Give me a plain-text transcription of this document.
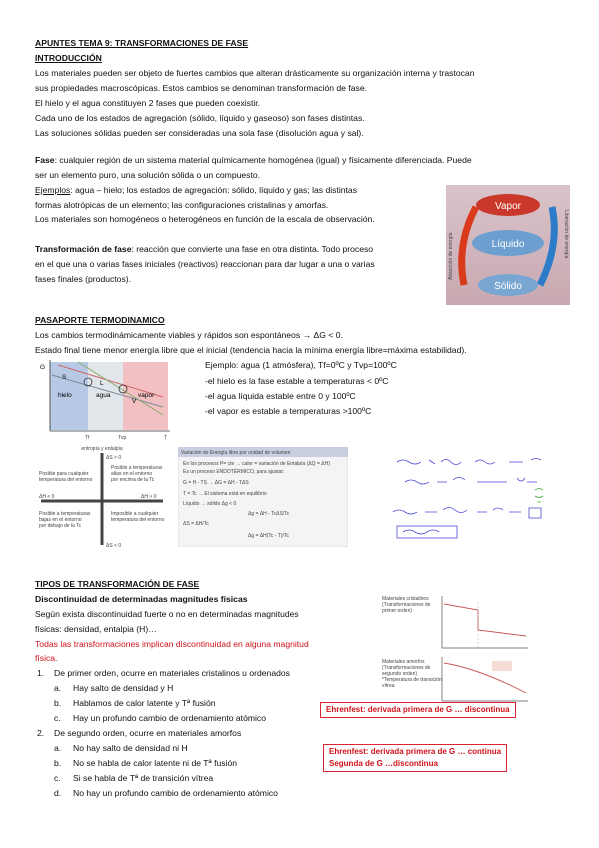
APUNTES TEMA 9: TRANSFORMACIONES DE FASE
INTRODUCCIÓN
Los materiales pueden ser objeto de fuertes cambios que alteran drásticamente su organización interna y trastocan
sus propiedades macroscópicas. Estos cambios se denominan transformación de fase.
El hielo y el agua constituyen 2 fases que pueden coexistir.
Cada uno de los estados de agregación (sólido, líquido y gaseoso) son fases distintas.
Las soluciones sólidas pueden ser consideradas una sola fase (disolución agua y sal).
Fase: cualquier región de un sistema material químicamente homogénea (igual) y físicamente diferenciada. Puede
ser un elemento puro, una solución sólida o un compuesto.
Ejemplos: agua – hielo; los estados de agregación: sólido, líquido y gas; las distintas
formas alotrópicas de un elemento; las configuraciones cristalinas y amorfas.
Los materiales son homogéneos o heterogéneos en función de la escala de observación.
Transformación de fase: reacción que convierte una fase en otra distinta. Todo proceso
en el que una o varias fases iniciales (reactivos) reaccionan para dar lugar a una o varias
fases finales (productos).
Vapor
Líquido
Sólido
Absorción de energía	Liberación de energía
PASAPORTE TERMODINAMICO
Los cambios termodinámicamente viables y rápidos son espontáneos → ΔG < 0.
Estado final tiene menor energía libre que el inicial (tendencia hacia la mínima energía libre=máxima estabilidad).
Ejemplo: agua (1 atmósfera), Tf=0ºC y Tvp=100ºC
-el hielo es la fase estable a temperaturas < 0ºC
-el agua líquida estable entre 0 y 100ºC
-el vapor es estable a temperaturas >100ºC
G
S
L
V
hielo	agua	vapor
Tf	Tvp	T
entropía y entalpía
ΔS > 0
ΔH < 0	ΔH > 0
ΔS < 0
Posible para cualquier
temperatura del entorno
Posible a temperaturas
altas en el entorno
por encima de la Tc
Posible a temperaturas
bajas en el entorno
por debajo de la Tc
Imposible a cualquier
temperatura del entorno
Variación de Energía libre por unidad de volumen
En los procesos P= cte → calor = variación de Entalpía (ΔQ = ΔH)
Es un proceso ENDOTÉRMICO, para ajustar:
G = H - TS → ΔG = ΔH - TΔS
T = Tc → El sistema está en equilibrio
Líquido → sólido Δg < 0
Δg = ΔH - TcΔS/Tc
ΔS = ΔH/Tc
Δg = ΔH(Tc - T)/Tc
TIPOS DE TRANSFORMACIÓN DE FASE
Discontinuidad de determinadas magnitudes físicas
Según exista discontinuidad fuerte o no en determinadas magnitudes
físicas: densidad, entalpia (H)…
Todas las transformaciones implican discontinuidad en alguna magnitud
física.
1. De primer orden, ocurre en materiales cristalinos u ordenados
a. Hay salto de densidad y H
b. Hablamos de calor latente y Tª fusión
c. Hay un profundo cambio de ordenamiento atómico
2. De segundo orden, ocurre en materiales amorfos
a. No hay salto de densidad ni H
b. No se habla de calor latente ni de Tª fusión
c. Si se habla de Tª de transición vítrea
d. No hay un profundo cambio de ordenamiento atómico
Materiales cristalinos
(Transformaciones de
primer orden)
Materiales amorfos
(Transformaciones de
segundo orden)
*Temperatura de transición
vítrea
Ehrenfest: derivada primera de G … discontinua
Ehrenfest: derivada primera de G … continua
Segunda de G …discontinua
